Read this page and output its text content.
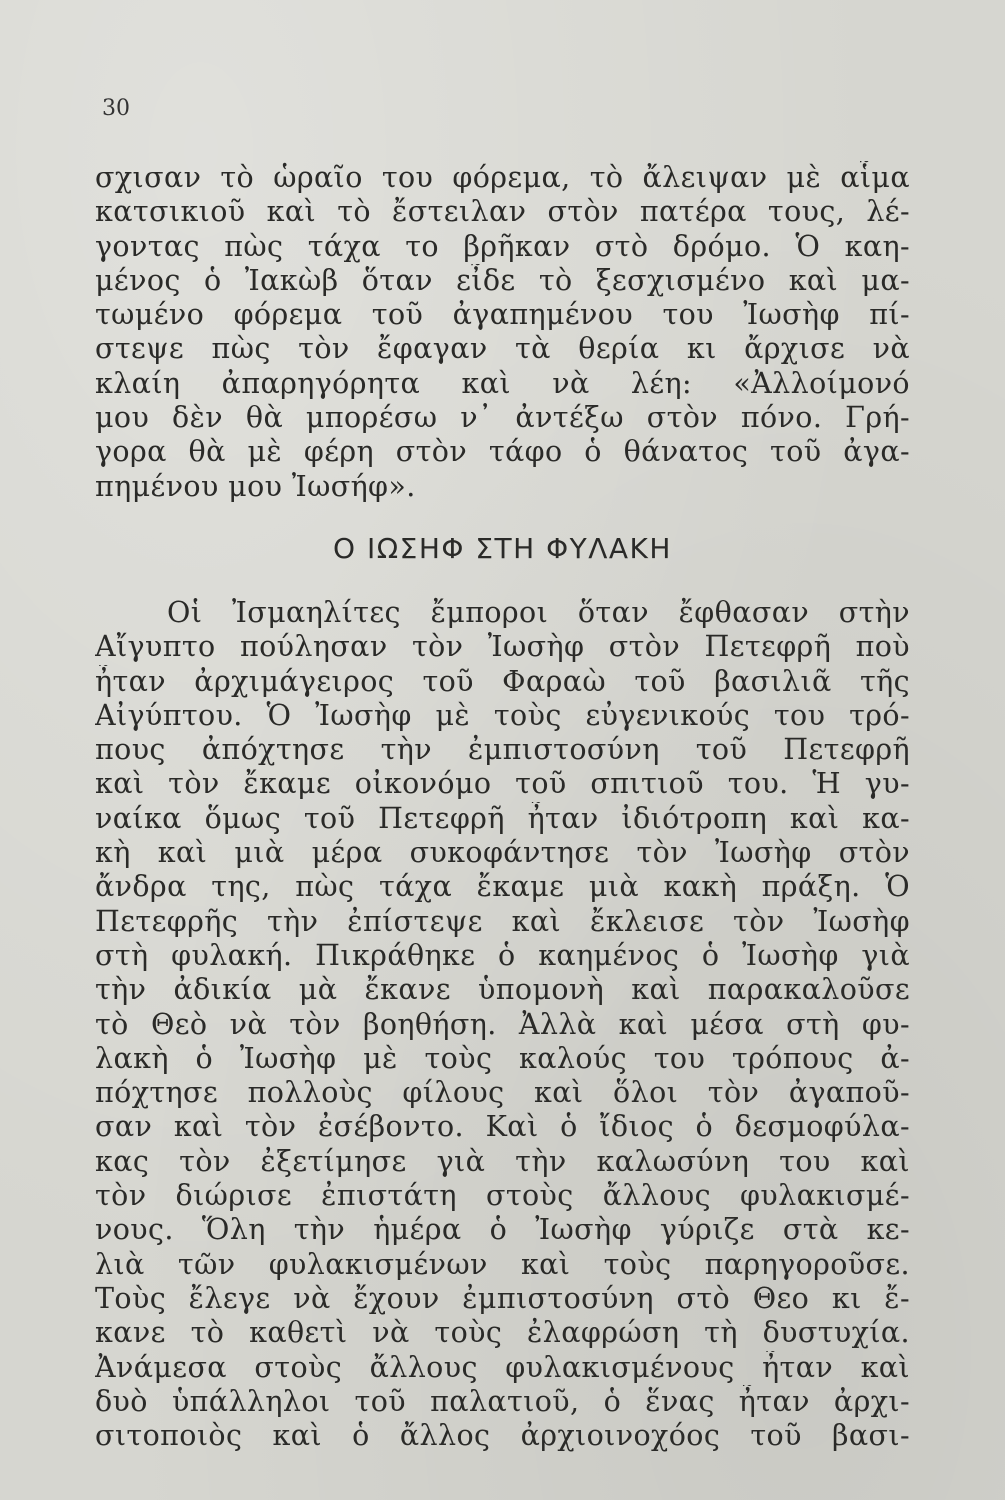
30
σχισαν τὸ ὡραῖο του φόρεμα, τὸ ἄλειψαν μὲ αἷμα
κατσικιοῦ καὶ τὸ ἔστειλαν στὸν πατέρα τους, λέ-
γοντας πὼς τάχα το βρῆκαν στὸ δρόμο. Ὁ καη-
μένος ὁ Ἰακὼβ ὅταν εἶδε τὸ ξεσχισμένο καὶ μα-
τωμένο φόρεμα τοῦ ἀγαπημένου του Ἰωσὴφ πί-
στεψε πὼς τὸν ἔφαγαν τὰ θερία κι ἄρχισε νὰ
κλαίη ἀπαρηγόρητα καὶ νὰ λέη: «Ἀλλοίμονό
μου δὲν θὰ μπορέσω ν᾽ ἀντέξω στὸν πόνο. Γρή-
γορα θὰ μὲ φέρη στὸν τάφο ὁ θάνατος τοῦ ἀγα-
πημένου μου Ἰωσήφ».
Ο ΙΩΣΗΦ ΣΤΗ ΦΥΛΑΚΗ
Οἱ Ἰσμαηλίτες ἔμποροι ὅταν ἔφθασαν στὴν
Αἴγυπτο πούλησαν τὸν Ἰωσὴφ στὸν Πετεφρῆ ποὺ
ἦταν ἀρχιμάγειρος τοῦ Φαραὼ τοῦ βασιλιᾶ τῆς
Αἰγύπτου. Ὁ Ἰωσὴφ μὲ τοὺς εὐγενικούς του τρό-
πους ἀπόχτησε τὴν ἐμπιστοσύνη τοῦ Πετεφρῆ
καὶ τὸν ἔκαμε οἰκονόμο τοῦ σπιτιοῦ του. Ἡ γυ-
ναίκα ὅμως τοῦ Πετεφρῆ ἦταν ἰδιότροπη καὶ κα-
κὴ καὶ μιὰ μέρα συκοφάντησε τὸν Ἰωσὴφ στὸν
ἄνδρα της, πὼς τάχα ἔκαμε μιὰ κακὴ πράξη. Ὁ
Πετεφρῆς τὴν ἐπίστεψε καὶ ἔκλεισε τὸν Ἰωσὴφ
στὴ φυλακή. Πικράθηκε ὁ καημένος ὁ Ἰωσὴφ γιὰ
τὴν ἀδικία μὰ ἔκανε ὑπομονὴ καὶ παρακαλοῦσε
τὸ Θεὸ νὰ τὸν βοηθήση. Ἀλλὰ καὶ μέσα στὴ φυ-
λακὴ ὁ Ἰωσὴφ μὲ τοὺς καλούς του τρόπους ἀ-
πόχτησε πολλοὺς φίλους καὶ ὅλοι τὸν ἀγαποῦ-
σαν καὶ τὸν ἐσέβοντο. Καὶ ὁ ἴδιος ὁ δεσμοφύλα-
κας τὸν ἐξετίμησε γιὰ τὴν καλωσύνη του καὶ
τὸν διώρισε ἐπιστάτη στοὺς ἄλλους φυλακισμέ-
νους. Ὅλη τὴν ἡμέρα ὁ Ἰωσὴφ γύριζε στὰ κε-
λιὰ τῶν φυλακισμένων καὶ τοὺς παρηγοροῦσε.
Τοὺς ἔλεγε νὰ ἔχουν ἐμπιστοσύνη στὸ Θεο κι ἔ-
κανε τὸ καθετὶ νὰ τοὺς ἐλαφρώση τὴ δυστυχία.
Ἀνάμεσα στοὺς ἄλλους φυλακισμένους ἦταν καὶ
δυὸ ὑπάλληλοι τοῦ παλατιοῦ, ὁ ἕνας ἦταν ἀρχι-
σιτοποιὸς καὶ ὁ ἄλλος ἀρχιοινοχόος τοῦ βασι-
